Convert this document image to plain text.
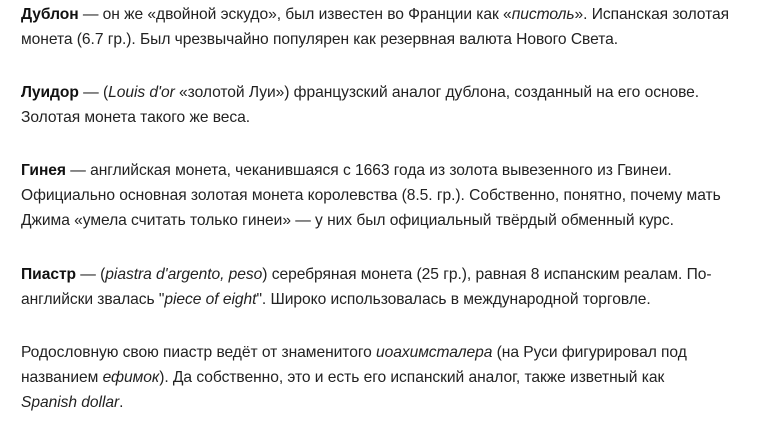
Дублон — он же «двойной эскудо», был известен во Франции как «пистоль». Испанская золотая
монета (6.7 гр.). Был чрезвычайно популярен как резервная валюта Нового Света.

Луидор — (Louis d'or «золотой Луи») французский аналог дублона, созданный на его основе.
Золотая монета такого же веса.

Гинея — английская монета, чеканившаяся с 1663 года из золота вывезенного из Гвинеи.
Официально основная золотая монета королевства (8.5. гр.). Собственно, понятно, почему мать
Джима «умела считать только гинеи» — у них был официальный твёрдый обменный курс.

Пиастр — (piastra d'argento, peso) серебряная монета (25 гр.), равная 8 испанским реалам. По-
английски звалась "piece of eight". Широко использовалась в международной торговле.

Родословную свою пиастр ведёт от знаменитого иоахимсталера (на Руси фигурировал под
названием ефимок). Да собственно, это и есть его испанский аналог, также изветный как
Spanish dollar.
